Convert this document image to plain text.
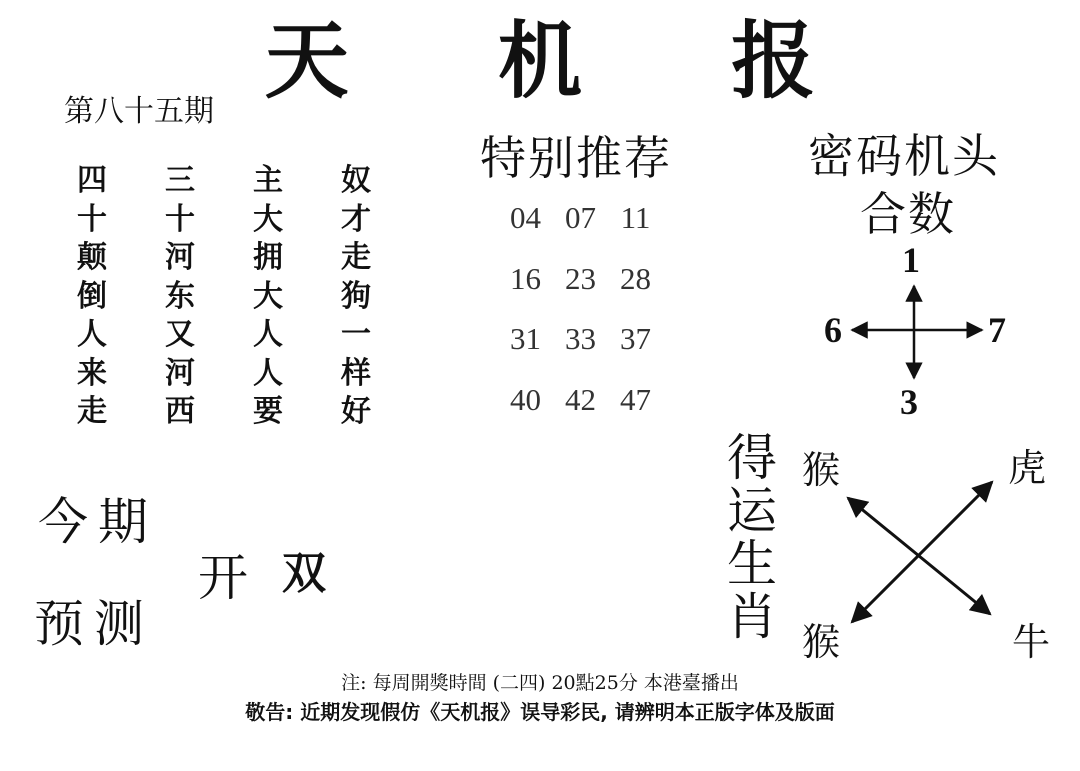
天 机 报
第八十五期
四	三	主	奴
十	十	大	才
颠	河	拥	走
倒	东	大	狗
人	又	人	一
来	河	人	样
走	西	要	好
特别推荐
04 07 11
16 23 28
31 33 37
40 42 47
密码机头
合数
1
6	7
3
得运生肖
猴	虎
猴	牛
今期
开 双
预测
注: 每周開獎時間 (二四) 20點25分 本港臺播出
敬告: 近期发现假仿《天机报》误导彩民, 请辨明本正版字体及版面
